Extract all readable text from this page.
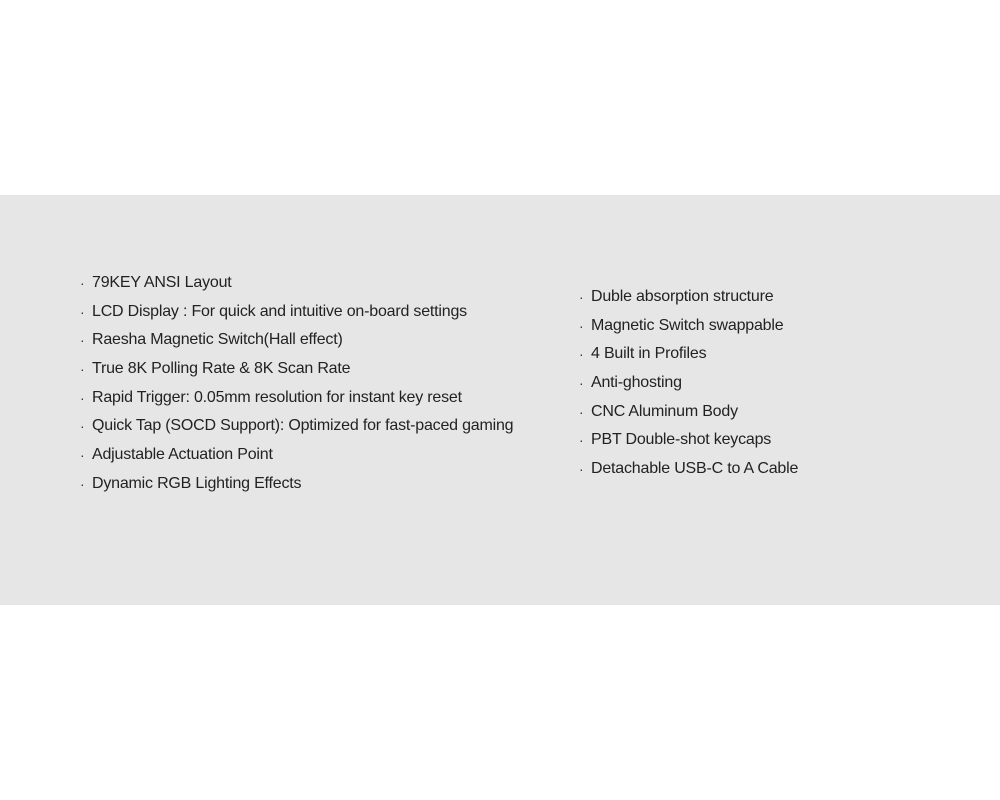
· 79KEY ANSI Layout
· LCD Display : For quick and intuitive on-board settings
· Raesha Magnetic Switch(Hall effect)
· True 8K Polling Rate & 8K Scan Rate
· Rapid Trigger: 0.05mm resolution for instant key reset
· Quick Tap (SOCD Support): Optimized for fast-paced gaming
· Adjustable Actuation Point
· Dynamic RGB Lighting Effects
· Duble absorption structure
· Magnetic Switch swappable
· 4 Built in Profiles
· Anti-ghosting
· CNC Aluminum Body
· PBT Double-shot keycaps
· Detachable USB-C to A Cable
